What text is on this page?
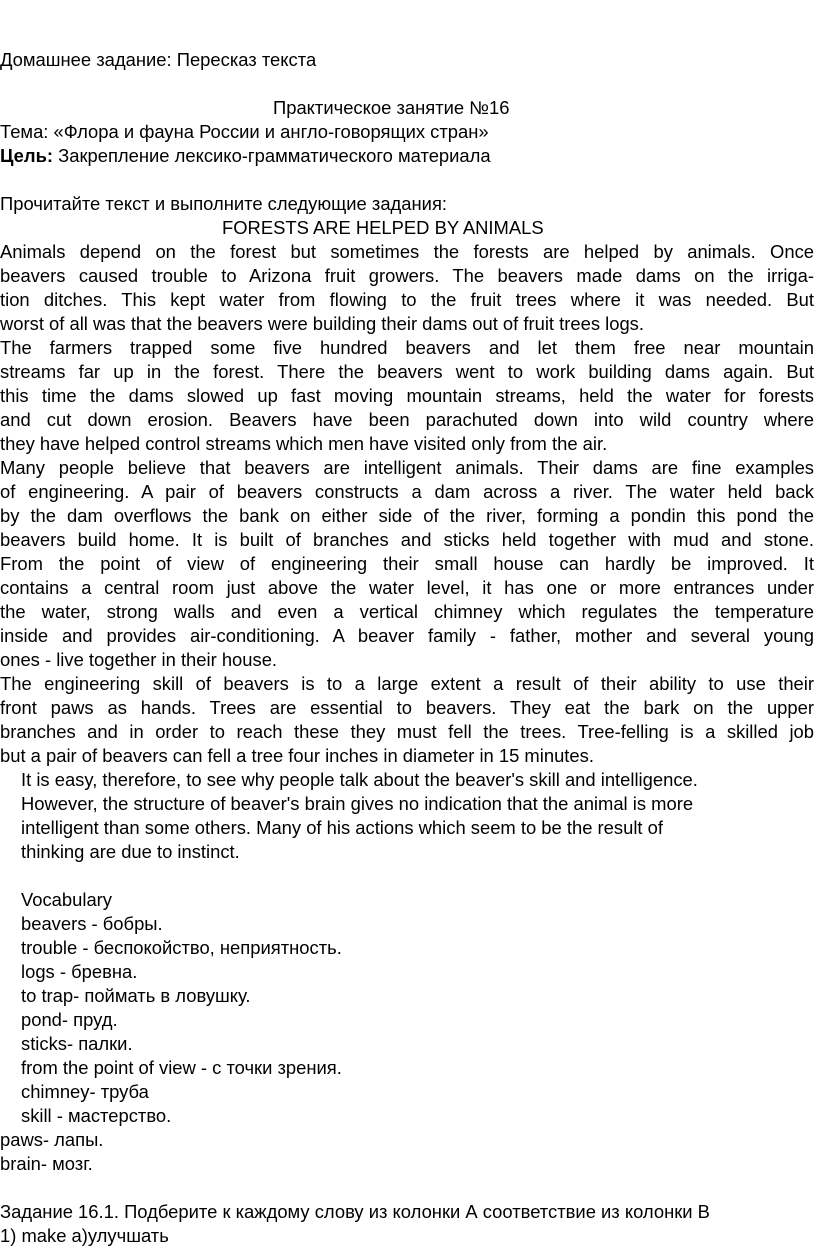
Домашнее задание: Пересказ текста
Практическое занятие №16
Тема: «Флора и фауна России и англо-говорящих стран»
Цель: Закрепление лексико-грамматического материала
Прочитайте текст и выполните следующие задания:
FORESTS ARE HELPED BY ANIMALS
Animals depend on the forest but sometimes the forests are helped by animals. Once
beavers caused trouble to Arizona fruit growers. The beavers made dams on the irriga-
tion ditches. This kept water from flowing to the fruit trees where it was needed. But
worst of all was that the beavers were building their dams out of fruit trees logs.
The farmers trapped some five hundred beavers and let them free near mountain
streams far up in the forest. There the beavers went to work building dams again. But
this time the dams slowed up fast moving mountain streams, held the water for forests
and cut down erosion. Beavers have been parachuted down into wild country where
they have helped control streams which men have visited only from the air.
Many people believe that beavers are intelligent animals. Their dams are fine examples
of engineering. A pair of beavers constructs a dam across a river. The water held back
by the dam overflows the bank on either side of the river, forming a pondin this pond the
beavers build home. It is built of branches and sticks held together with mud and stone.
From the point of view of engineering their small house can hardly be improved. It
contains a central room just above the water level, it has one or more entrances under
the water, strong walls and even a vertical chimney which regulates the temperature
inside and provides air-conditioning. A beaver family - father, mother and several young
ones - live together in their house.
The engineering skill of beavers is to a large extent a result of their ability to use their
front paws as hands. Trees are essential to beavers. They eat the bark on the upper
branches and in order to reach these they must fell the trees. Tree-felling is a skilled job
but a pair of beavers can fell a tree four inches in diameter in 15 minutes.
It is easy, therefore, to see why people talk about the beaver's skill and intelligence.
However, the structure of beaver's brain gives no indication that the animal is more
intelligent than some others. Many of his actions which seem to be the result of
thinking are due to instinct.
Vocabulary
beavers - бобры.
trouble - беспокойство, неприятность.
logs - бревна.
to trap- поймать в ловушку.
pond- пруд.
sticks- палки.
from the point of view - с точки зрения.
chimney- труба
skill - мастерство.
paws- лапы.
brain- мозг.
Задание 16.1. Подберите к каждому слову из колонки А соответствие из колонки В
1) make а)улучшать
